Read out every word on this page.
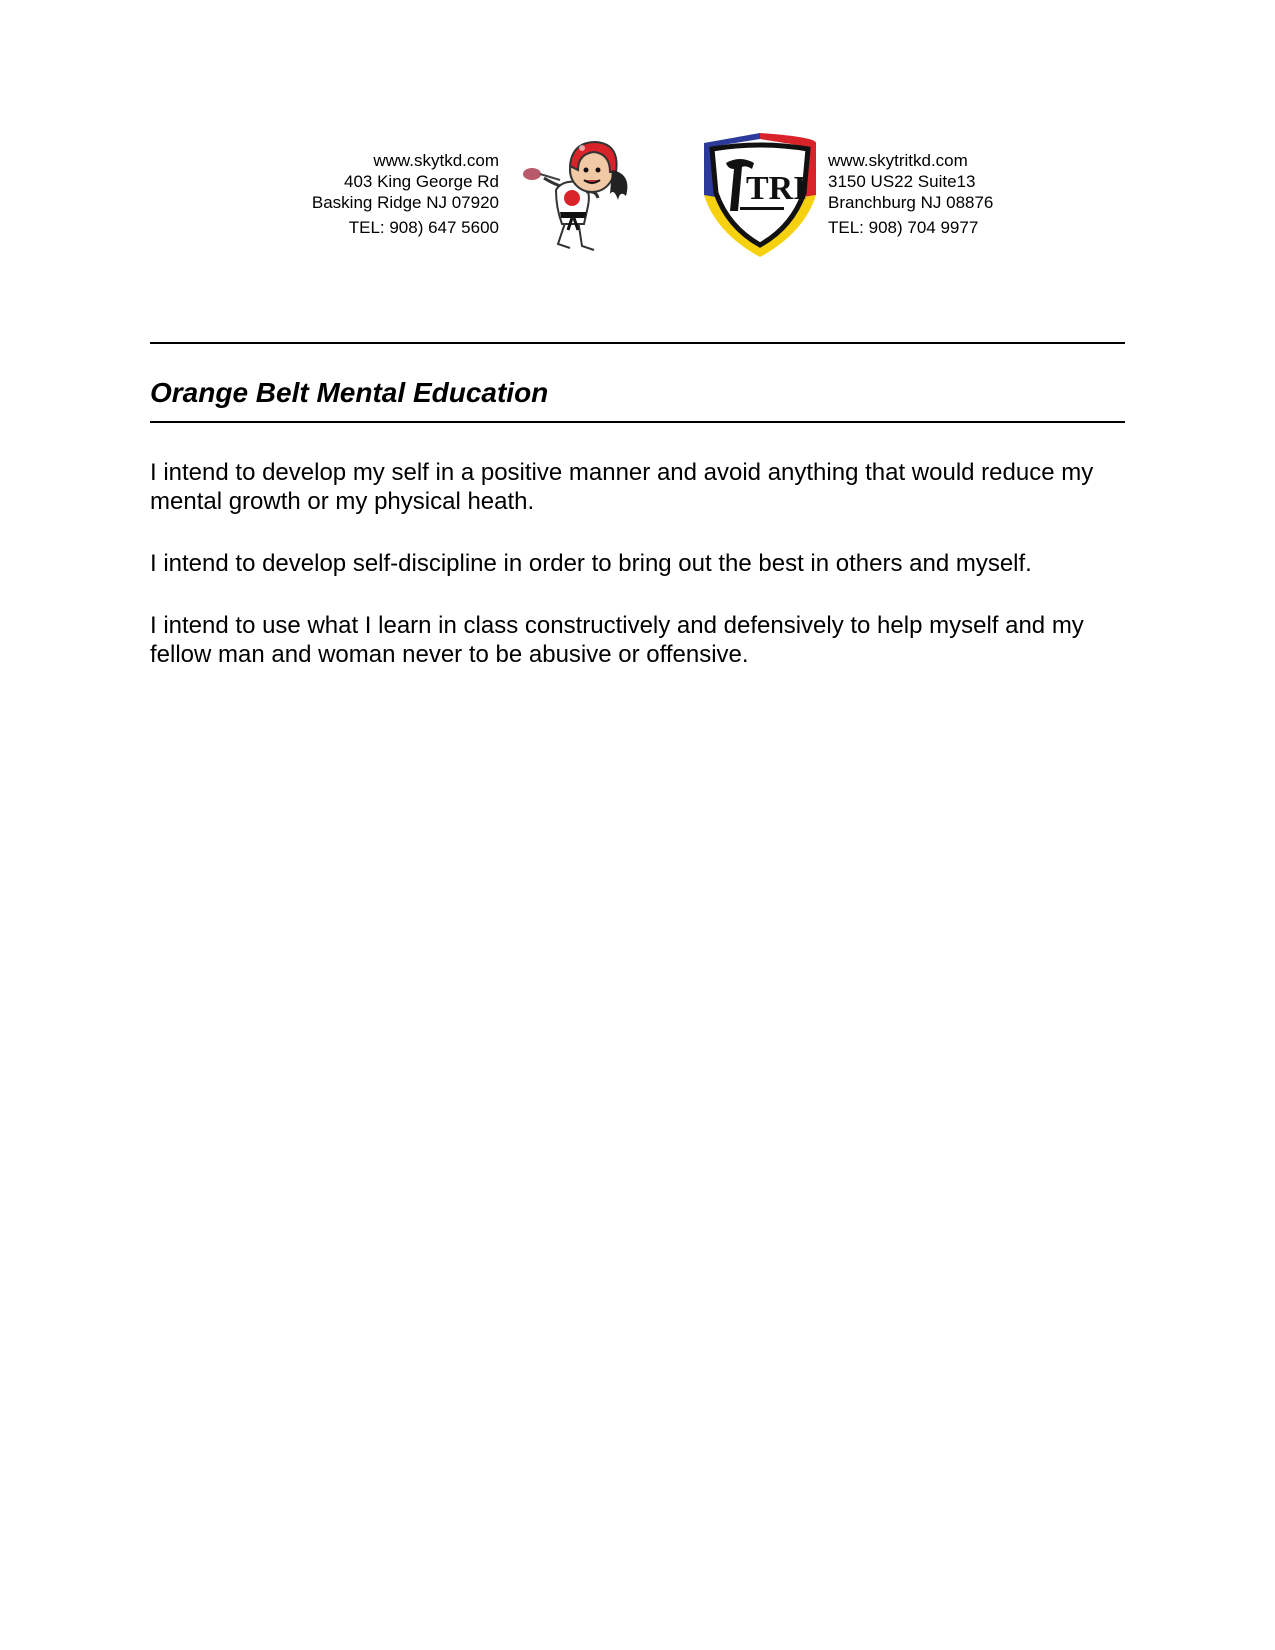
www.skytkd.com
403 King George Rd
Basking Ridge NJ 07920
TEL: 908) 647 5600
TRI
www.skytritkd.com
3150 US22 Suite13
Branchburg NJ 08876
TEL: 908) 704 9977
Orange Belt Mental Education

I intend to develop my self in a positive manner and avoid anything that would reduce my mental growth or my physical heath.

I intend to develop self-discipline in order to bring out the best in others and myself.

I intend to use what I learn in class constructively and defensively to help myself and my fellow man and woman never to be abusive or offensive.
